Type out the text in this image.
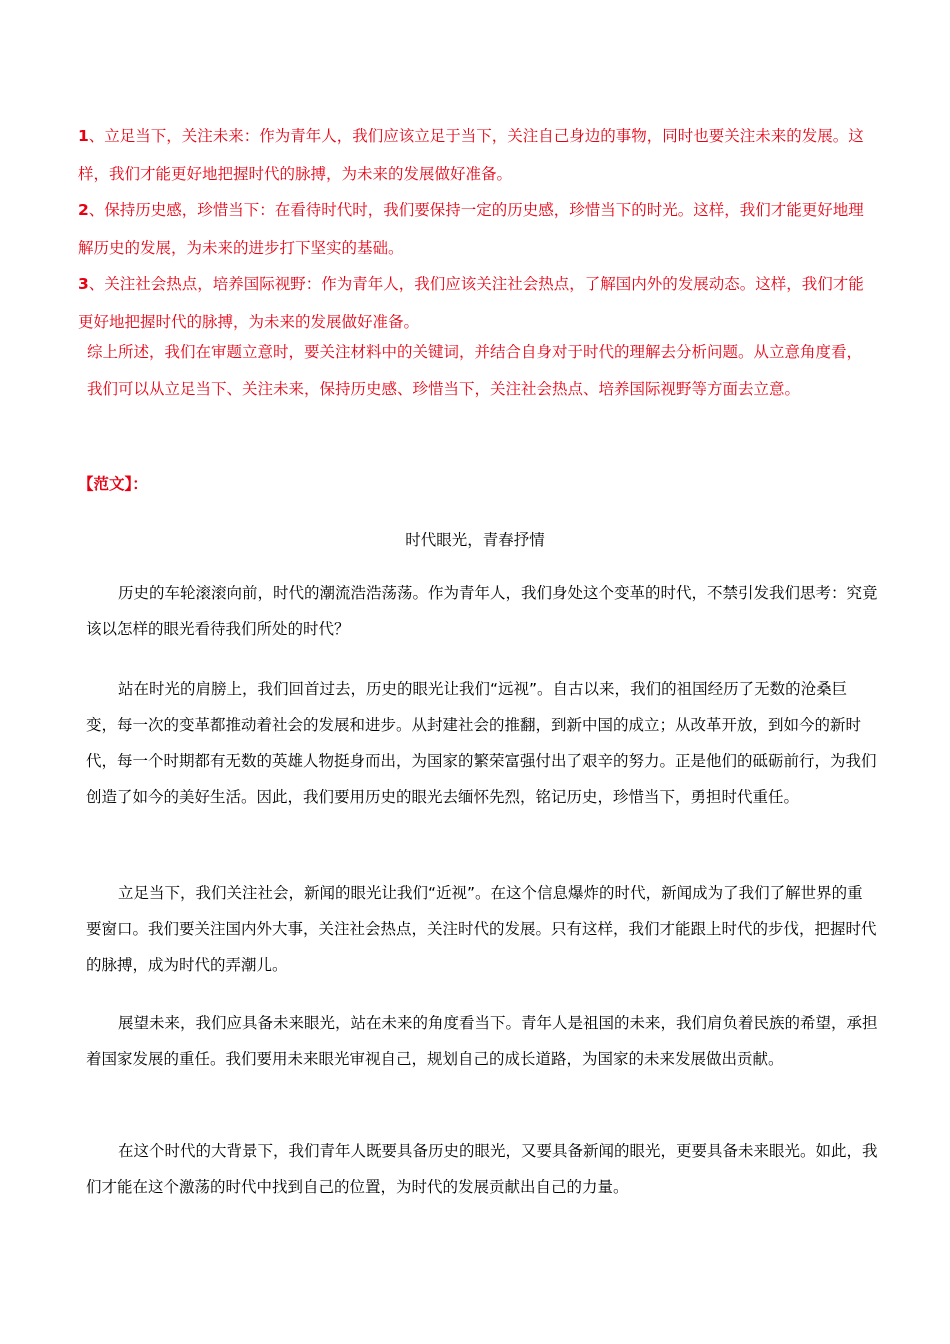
1、立足当下，关注未来：作为青年人，我们应该立足于当下，关注自己身边的事物，同时也要关注未来的发展。这样，我们才能更好地把握时代的脉搏，为未来的发展做好准备。
2、保持历史感，珍惜当下：在看待时代时，我们要保持一定的历史感，珍惜当下的时光。这样，我们才能更好地理解历史的发展，为未来的进步打下坚实的基础。
3、关注社会热点，培养国际视野：作为青年人，我们应该关注社会热点，了解国内外的发展动态。这样，我们才能更好地把握时代的脉搏，为未来的发展做好准备。
综上所述，我们在审题立意时，要关注材料中的关键词，并结合自身对于时代的理解去分析问题。从立意角度看，我们可以从立足当下、关注未来，保持历史感、珍惜当下，关注社会热点、培养国际视野等方面去立意。
【范文】：
时代眼光，青春抒情
历史的车轮滚滚向前，时代的潮流浩浩荡荡。作为青年人，我们身处这个变革的时代，不禁引发我们思考：究竟该以怎样的眼光看待我们所处的时代？
站在时光的肩膀上，我们回首过去，历史的眼光让我们“远视”。自古以来，我们的祖国经历了无数的沧桑巨变，每一次的变革都推动着社会的发展和进步。从封建社会的推翻，到新中国的成立；从改革开放，到如今的新时代，每一个时期都有无数的英雄人物挺身而出，为国家的繁荣富强付出了艰辛的努力。正是他们的砥砺前行，为我们创造了如今的美好生活。因此，我们要用历史的眼光去缅怀先烈，铭记历史，珍惜当下，勇担时代重任。
立足当下，我们关注社会，新闻的眼光让我们“近视”。在这个信息爆炸的时代，新闻成为了我们了解世界的重要窗口。我们要关注国内外大事，关注社会热点，关注时代的发展。只有这样，我们才能跟上时代的步伐，把握时代的脉搏，成为时代的弄潮儿。
展望未来，我们应具备未来眼光，站在未来的角度看当下。青年人是祖国的未来，我们肩负着民族的希望，承担着国家发展的重任。我们要用未来眼光审视自己，规划自己的成长道路，为国家的未来发展做出贡献。
在这个时代的大背景下，我们青年人既要具备历史的眼光，又要具备新闻的眼光，更要具备未来眼光。如此，我们才能在这个激荡的时代中找到自己的位置，为时代的发展贡献出自己的力量。
